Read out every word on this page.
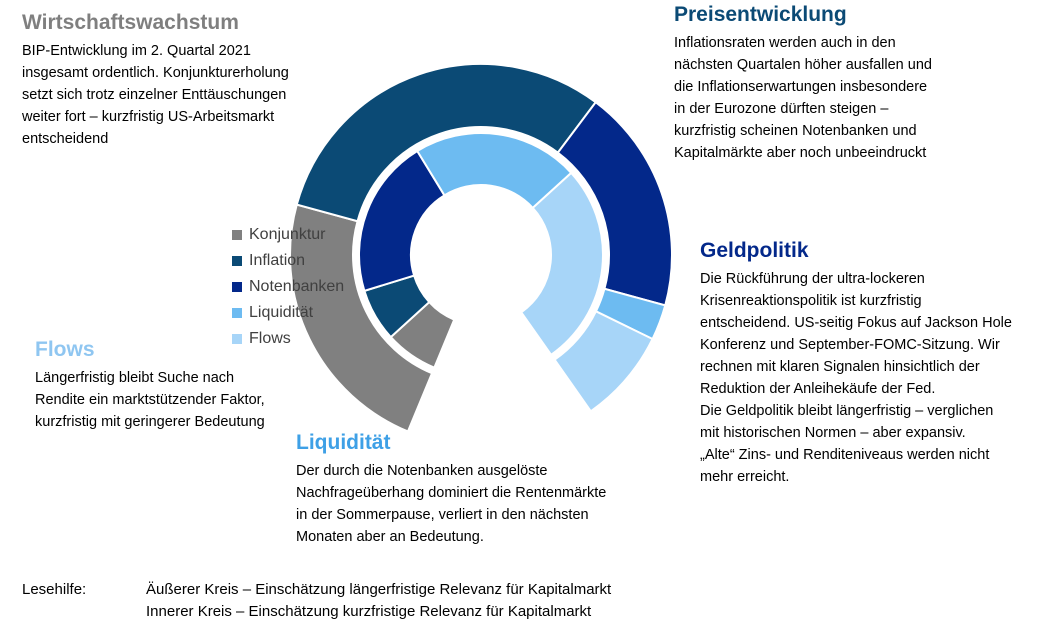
Wirtschaftswachstum
BIP-Entwicklung im 2. Quartal 2021
insgesamt ordentlich. Konjunkturerholung
setzt sich trotz einzelner Enttäuschungen
weiter fort – kurzfristig US-Arbeitsmarkt
entscheidend
Preisentwicklung
Inflationsraten werden auch in den
nächsten Quartalen höher ausfallen und
die Inflationserwartungen insbesondere
in der Eurozone dürften steigen –
kurzfristig scheinen Notenbanken und
Kapitalmärkte aber noch unbeeindruckt
Geldpolitik
Die Rückführung der ultra-lockeren
Krisenreaktionspolitik ist kurzfristig
entscheidend. US-seitig Fokus auf Jackson Hole
Konferenz und September-FOMC-Sitzung. Wir
rechnen mit klaren Signalen hinsichtlich der
Reduktion der Anleihekäufe der Fed.
Die Geldpolitik bleibt längerfristig – verglichen
mit historischen Normen – aber expansiv.
„Alte“ Zins- und Renditeniveaus werden nicht
mehr erreicht.
Flows
Längerfristig bleibt Suche nach
Rendite ein marktstützender Faktor,
kurzfristig mit geringerer Bedeutung
Liquidität
Der durch die Notenbanken ausgelöste
Nachfrageüberhang dominiert die Rentenmärkte
in der Sommerpause, verliert in den nächsten
Monaten aber an Bedeutung.
Konjunktur
Inflation
Notenbanken
Liquidität
Flows
Lesehilfe:	Äußerer Kreis – Einschätzung längerfristige Relevanz für Kapitalmarkt
Innerer Kreis – Einschätzung kurzfristige Relevanz für Kapitalmarkt
